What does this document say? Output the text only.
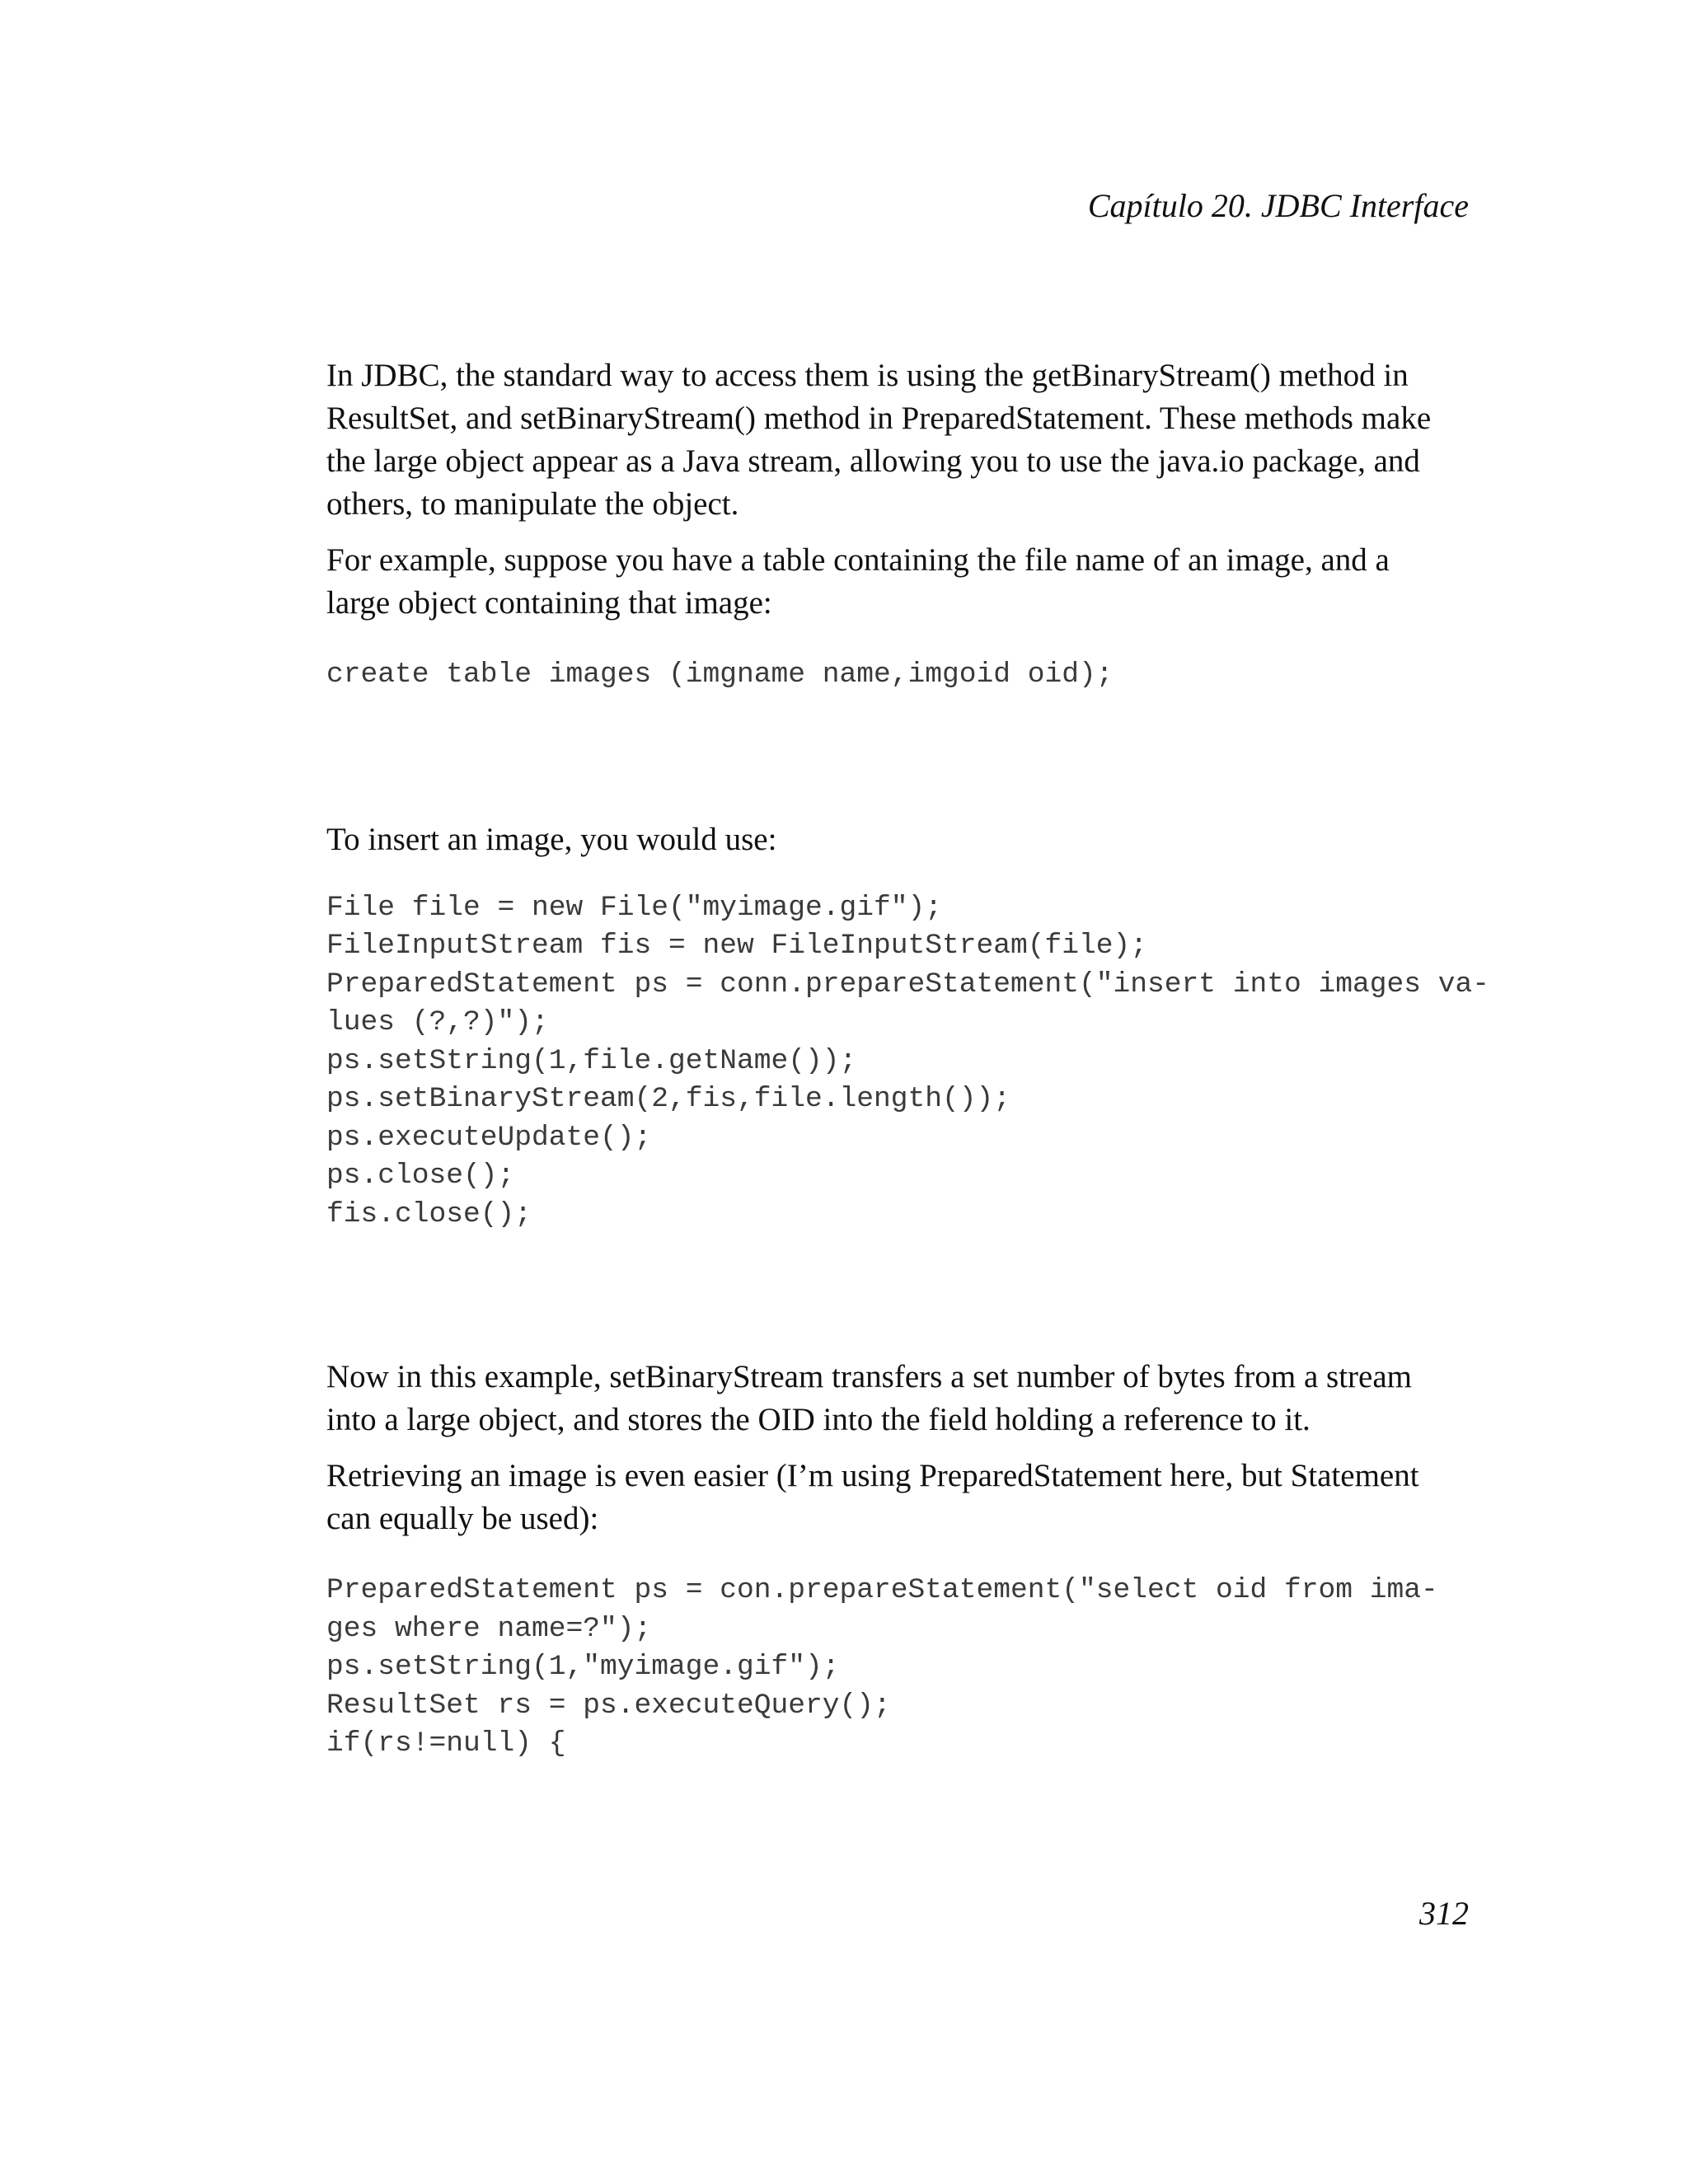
Capítulo 20. JDBC Interface

In JDBC, the standard way to access them is using the getBinaryStream() method in
ResultSet, and setBinaryStream() method in PreparedStatement. These methods make
the large object appear as a Java stream, allowing you to use the java.io package, and
others, to manipulate the object.

For example, suppose you have a table containing the file name of an image, and a
large object containing that image:

create table images (imgname name,imgoid oid);

To insert an image, you would use:

File file = new File("myimage.gif");
FileInputStream fis = new FileInputStream(file);
PreparedStatement ps = conn.prepareStatement("insert into images va-
lues (?,?)");
ps.setString(1,file.getName());
ps.setBinaryStream(2,fis,file.length());
ps.executeUpdate();
ps.close();
fis.close();

Now in this example, setBinaryStream transfers a set number of bytes from a stream
into a large object, and stores the OID into the field holding a reference to it.

Retrieving an image is even easier (I’m using PreparedStatement here, but Statement
can equally be used):

PreparedStatement ps = con.prepareStatement("select oid from ima-
ges where name=?");
ps.setString(1,"myimage.gif");
ResultSet rs = ps.executeQuery();
if(rs!=null) {
312
